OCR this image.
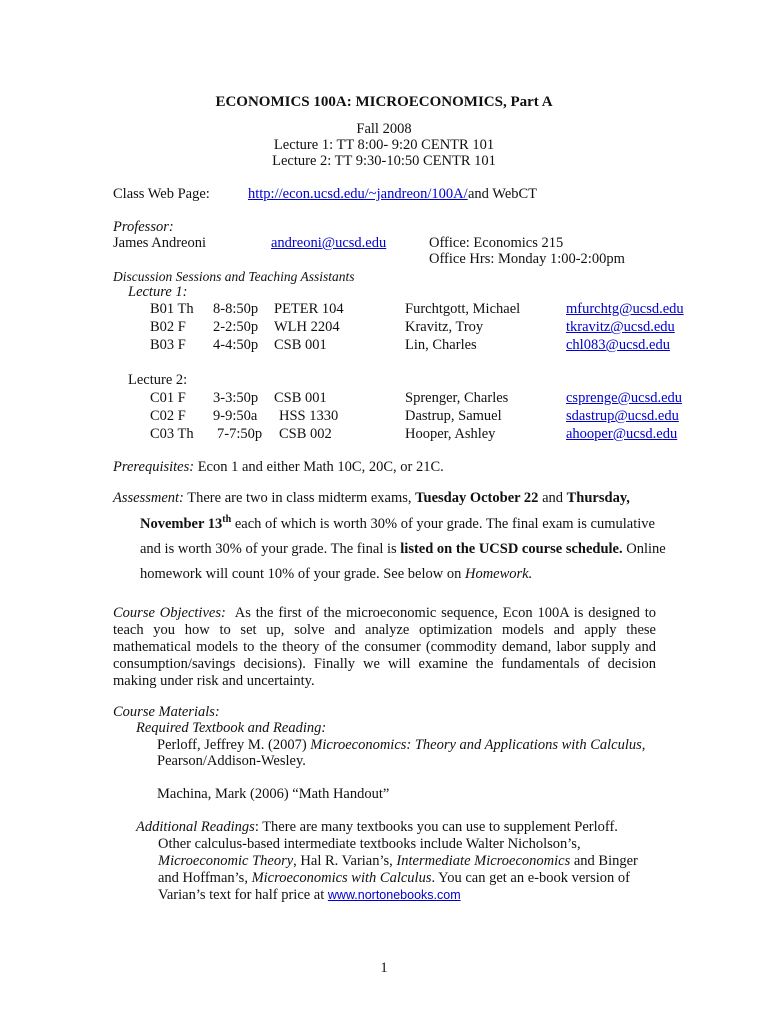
ECONOMICS 100A: MICROECONOMICS, Part A
Fall 2008
Lecture 1: TT 8:00- 9:20 CENTR 101
Lecture 2: TT 9:30-10:50 CENTR 101
Class Web Page:	http://econ.ucsd.edu/~jandreon/100A/ and WebCT
Professor:
James Andreoni	andreoni@ucsd.edu	Office: Economics 215
Office Hrs: Monday 1:00-2:00pm
Discussion Sessions and Teaching Assistants
Lecture 1:
B01 Th 8-8:50p PETER 104	Furchtgott, Michael	mfurchtg@ucsd.edu
B02 F 2-2:50p WLH 2204	Kravitz, Troy	tkravitz@ucsd.edu
B03 F 4-4:50p CSB 001	Lin, Charles	chl083@ucsd.edu
Lecture 2:
C01 F 3-3:50p CSB 001	Sprenger, Charles	csprenge@ucsd.edu
C02 F 9-9:50a HSS 1330	Dastrup, Samuel	sdastrup@ucsd.edu
C03 Th 7-7:50p CSB 002	Hooper, Ashley	ahooper@ucsd.edu
Prerequisites: Econ 1 and either Math 10C, 20C, or 21C.
Assessment: There are two in class midterm exams, Tuesday October 22 and Thursday,
November 13th each of which is worth 30% of your grade. The final exam is cumulative
and is worth 30% of your grade. The final is listed on the UCSD course schedule. Online
homework will count 10% of your grade. See below on Homework.
Course Objectives: As the first of the microeconomic sequence, Econ 100A is designed to teach you how to set up, solve and analyze optimization models and apply these mathematical models to the theory of the consumer (commodity demand, labor supply and consumption/savings decisions). Finally we will examine the fundamentals of decision making under risk and uncertainty.
Course Materials:
Required Textbook and Reading:
Perloff, Jeffrey M. (2007) Microeconomics: Theory and Applications with Calculus,
Pearson/Addison-Wesley.
Machina, Mark (2006) “Math Handout”
Additional Readings: There are many textbooks you can use to supplement Perloff. Other calculus-based intermediate textbooks include Walter Nicholson’s, Microeconomic Theory, Hal R. Varian’s, Intermediate Microeconomics and Binger and Hoffman’s, Microeconomics with Calculus. You can get an e-book version of Varian’s text for half price at www.nortonebooks.com
1
